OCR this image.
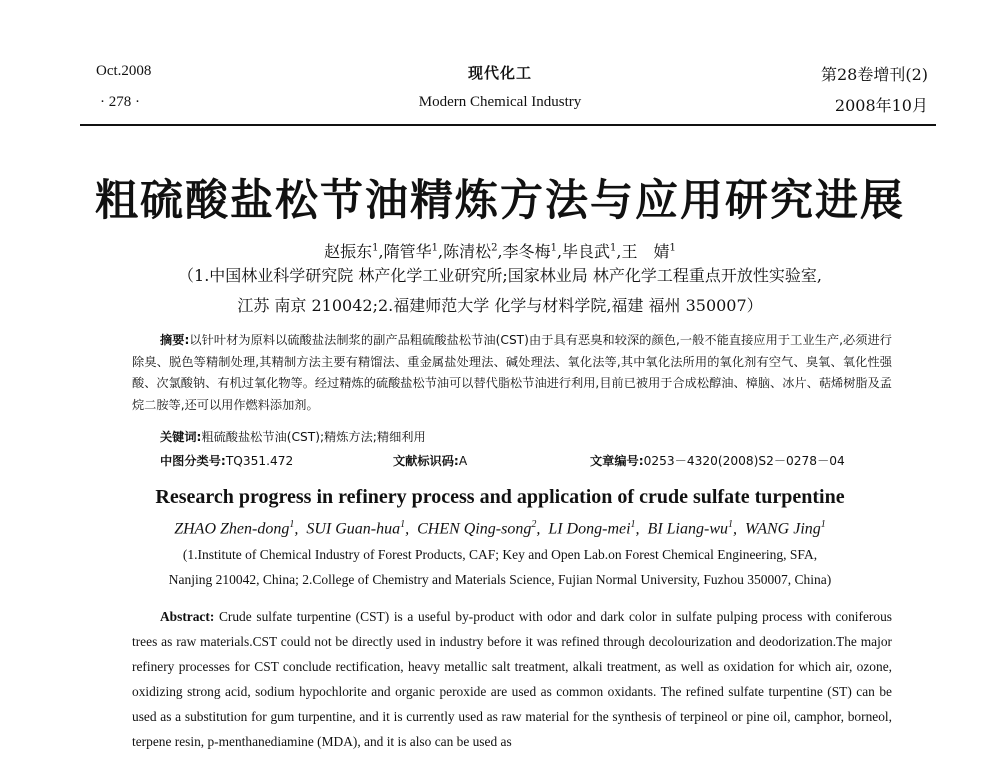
Oct.2008
· 278 ·
现代化工
Modern Chemical Industry
第28卷增刊(2)
2008年10月
粗硫酸盐松节油精炼方法与应用研究进展
赵振东$^1$,隋管华$^1$,陈清松$^2$,李冬梅$^1$,毕良武$^1$,王　婧$^1$
（1.中国林业科学研究院 林产化学工业研究所;国家林业局 林产化学工程重点开放性实验室,
江苏 南京 210042;2.福建师范大学 化学与材料学院,福建 福州 350007）
摘要:以针叶材为原料以硫酸盐法制浆的副产品粗硫酸盐松节油(CST)由于具有恶臭和较深的颜色,一般不能直接应用于工业生产,必须进行除臭、脱色等精制处理,其精制方法主要有精馏法、重金属盐处理法、碱处理法、氧化法等,其中氧化法所用的氧化剂有空气、臭氧、氧化性强酸、次氯酸钠、有机过氧化物等。经过精炼的硫酸盐松节油可以替代脂松节油进行利用,目前已被用于合成松醇油、樟脑、冰片、萜烯树脂及孟烷二胺等,还可以用作燃料添加剂。
关键词:粗硫酸盐松节油(CST);精炼方法;精细利用
中图分类号:TQ351.472	文献标识码:A	文章编号:0253－4320(2008)S2－0278－04
Research progress in refinery process and application of crude sulfate turpentine
ZHAO Zhen-dong$^1$,  SUI Guan-hua$^1$,  CHEN Qing-song$^2$,  LI Dong-mei$^1$,  BI Liang-$wu^1$,  WANG Jing$^1$
(1.Institute of Chemical Industry of Forest Products, CAF; Key and Open Lab.on Forest Chemical Engineering, SFA,
Nanjing 210042, China; 2.College of Chemistry and Materials Science, Fujian Normal University, Fuzhou 350007, China)
Abstract: Crude sulfate turpentine (CST) is a useful by-product with odor and dark color in sulfate pulping process with coniferous trees as raw materials.CST could not be directly used in industry before it was refined through decolourization and deodorization.The major refinery processes for CST conclude rectification, heavy metallic salt treatment, alkali treatment, as well as oxidation for which air, ozone, oxidizing strong acid, sodium hypochlorite and organic peroxide are used as common oxidants. The refined sulfate turpentine (ST) can be used as a substitution for gum turpentine, and it is currently used as raw material for the synthesis of terpineol or pine oil, camphor, borneol, terpene resin, p-menthanediamine (MDA), and it is also can be used as
